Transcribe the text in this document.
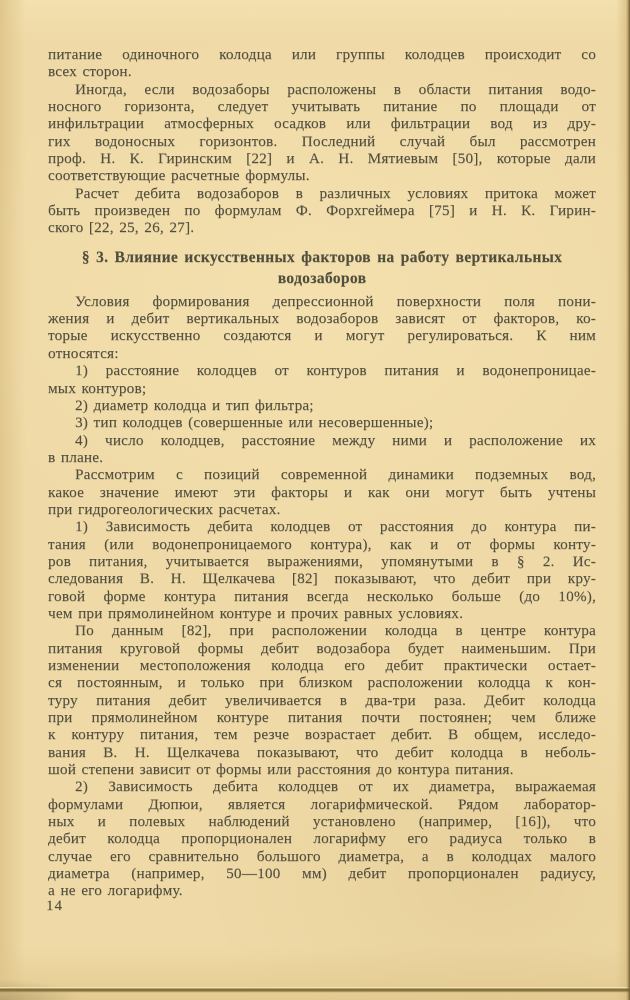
питание одиночного колодца или группы колодцев происходит со
всех сторон.
Иногда, если водозаборы расположены в области питания водо-
носного горизонта, следует учитывать питание по площади от
инфильтрации атмосферных осадков или фильтрации вод из дру-
гих водоносных горизонтов. Последний случай был рассмотрен
проф. Н. К. Гиринским [22] и А. Н. Мятиевым [50], которые дали
соответствующие расчетные формулы.
Расчет дебита водозаборов в различных условиях притока может
быть произведен по формулам Ф. Форхгеймера [75] и Н. К. Гирин-
ского [22, 25, 26, 27].
§ 3. Влияние искусственных факторов на работу вертикальных
водозаборов
Условия формирования депрессионной поверхности поля пони-
жения и дебит вертикальных водозаборов зависят от факторов, ко-
торые искусственно создаются и могут регулироваться. К ним
относятся:
1) расстояние колодцев от контуров питания и водонепроницае-
мых контуров;
2) диаметр колодца и тип фильтра;
3) тип колодцев (совершенные или несовершенные);
4) число колодцев, расстояние между ними и расположение их
в плане.
Рассмотрим с позиций современной динамики подземных вод,
какое значение имеют эти факторы и как они могут быть учтены
при гидрогеологических расчетах.
1) Зависимость дебита колодцев от расстояния до контура пи-
тания (или водонепроницаемого контура), как и от формы конту-
ров питания, учитывается выражениями, упомянутыми в § 2. Ис-
следования В. Н. Щелкачева [82] показывают, что дебит при кру-
говой форме контура питания всегда несколько больше (до 10%),
чем при прямолинейном контуре и прочих равных условиях.
По данным [82], при расположении колодца в центре контура
питания круговой формы дебит водозабора будет наименьшим. При
изменении местоположения колодца его дебит практически остает-
ся постоянным, и только при близком расположении колодца к кон-
туру питания дебит увеличивается в два-три раза. Дебит колодца
при прямолинейном контуре питания почти постоянен; чем ближе
к контуру питания, тем резче возрастает дебит. В общем, исследо-
вания В. Н. Щелкачева показывают, что дебит колодца в неболь-
шой степени зависит от формы или расстояния до контура питания.
2) Зависимость дебита колодцев от их диаметра, выражаемая
формулами Дюпюи, является логарифмической. Рядом лаборатор-
ных и полевых наблюдений установлено (например, [16]), что
дебит колодца пропорционален логарифму его радиуса только в
случае его сравнительно большого диаметра, а в колодцах малого
диаметра (например, 50—100 мм) дебит пропорционален радиусу,
а не его логарифму.
14
